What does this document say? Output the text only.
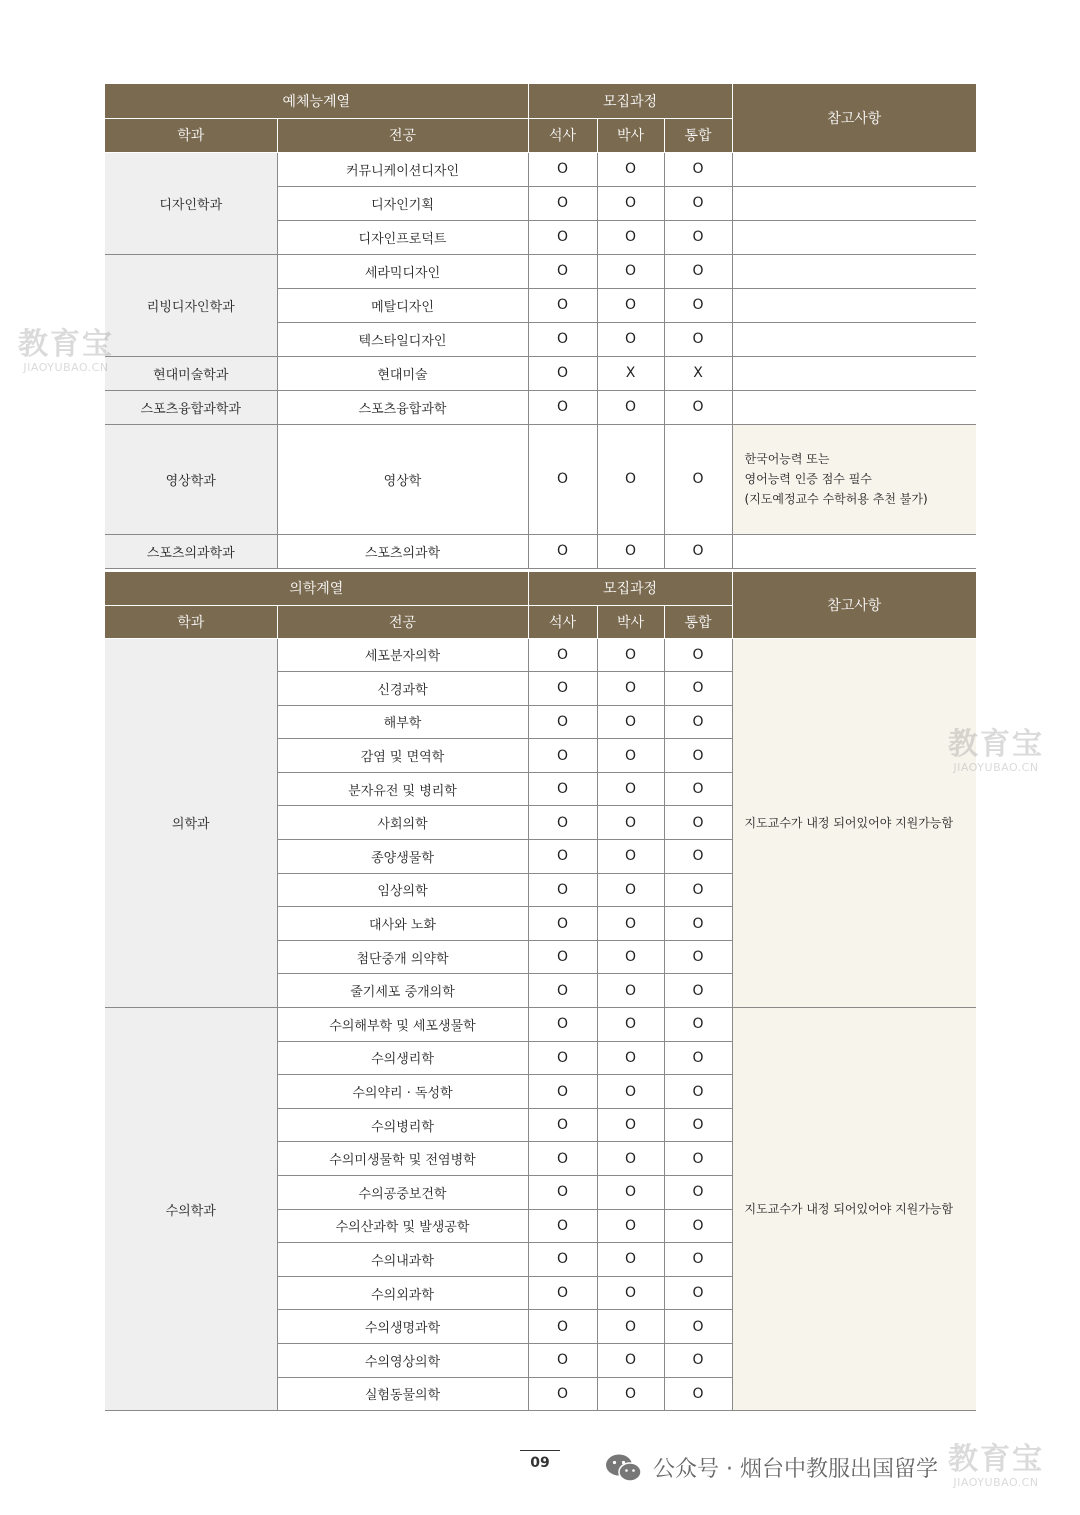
예체능계열		모집과정			참고사항
학과	전공	석사	박사	통합	
디자인학과	커뮤니케이션디자인	O	O	O	
	디자인기획	O	O	O	
	디자인프로덕트	O	O	O	
리빙디자인학과	세라믹디자인	O	O	O	
	메탈디자인	O	O	O	
	텍스타일디자인	O	O	O	
현대미술학과	현대미술	O	X	X	
스포츠융합과학과	스포츠융합과학	O	O	O	
영상학과	영상학	O	O	O	한국어능력 또는
영어능력 인증 점수 필수
(지도예정교수 수학허용 추천 불가)

스포츠의과학과	스포츠의과학	O	O	O	
의학계열		모집과정			참고사항
학과	전공	석사	박사	통합	
의학과	세포분자의학	O	O	O	지도교수가 내정 되어있어야 지원가능함
	신경과학	O	O	O	
	해부학	O	O	O	
	감염 및 면역학	O	O	O	
	분자유전 및 병리학	O	O	O	
	사회의학	O	O	O	
	종양생물학	O	O	O	
	임상의학	O	O	O	
	대사와 노화	O	O	O	
	첨단중개 의약학	O	O	O	
	줄기세포 중개의학	O	O	O	
수의학과	수의해부학 및 세포생물학	O	O	O	지도교수가 내정 되어있어야 지원가능함
	수의생리학	O	O	O	
	수의약리 · 독성학	O	O	O	
	수의병리학	O	O	O	
	수의미생물학 및 전염병학	O	O	O	
	수의공중보건학	O	O	O	
	수의산과학 및 발생공학	O	O	O	
	수의내과학	O	O	O	
	수의외과학	O	O	O	
	수의생명과학	O	O	O	
	수의영상의학	O	O	O	
	실험동물의학	O	O	O	
教育宝
JIAOYUBAO.CN
教育宝
JIAOYUBAO.CN
教育宝
JIAOYUBAO.CN
09	公众号 · 烟台中教服出国留学
